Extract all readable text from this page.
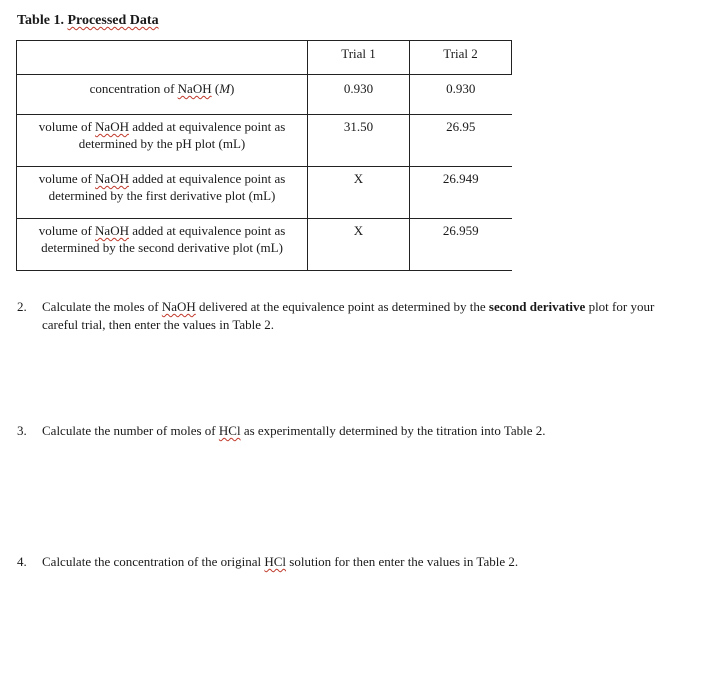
Table 1. Processed Data

	Trial 1	Trial 2

concentration of NaOH (M)	0.930	0.930

volume of NaOH added at equivalence point as
determined by the pH plot (mL)	31.50	26.95

volume of NaOH added at equivalence point as
determined by the first derivative plot (mL)	X	26.949

volume of NaOH added at equivalence point as
determined by the second derivative plot (mL)	X	26.959
2. Calculate the moles of NaOH delivered at the equivalence point as determined by the second derivative plot for your careful trial, then enter the values in Table 2.
3. Calculate the number of moles of HCl as experimentally determined by the titration into Table 2.
4. Calculate the concentration of the original HCl solution for then enter the values in Table 2.
